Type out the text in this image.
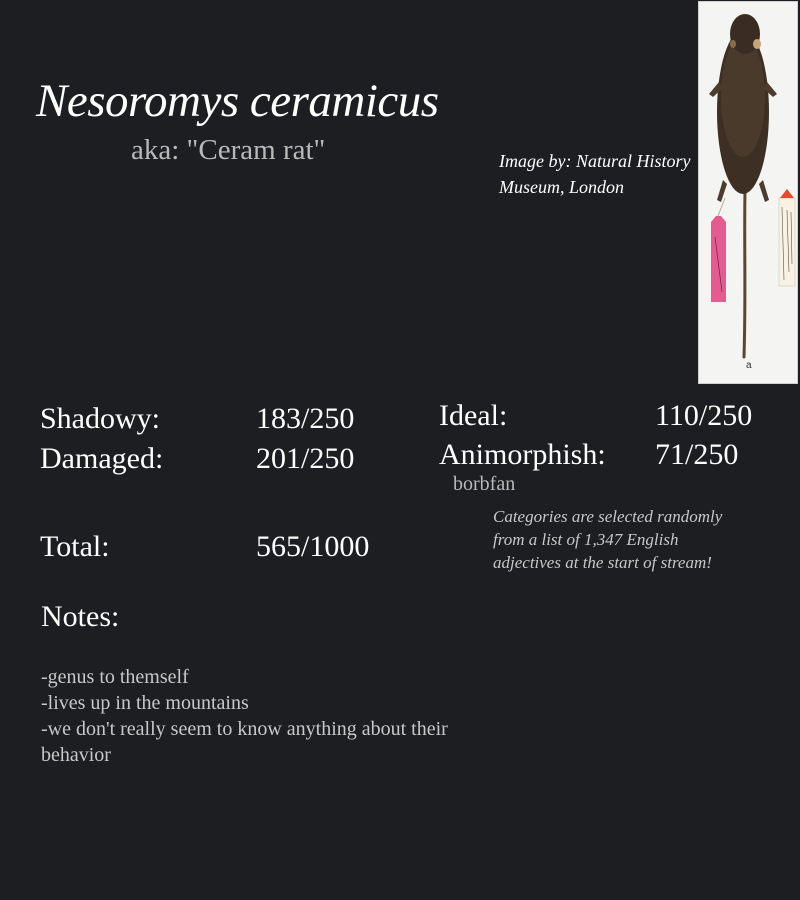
Nesoromys ceramicus
aka: "Ceram rat"	Image by: Natural History Museum, London
a
Shadowy:	183/250
Damaged:	201/250
Ideal:	110/250
Animorphish: 71/250
borbfan
Total:	565/1000
Categories are selected randomly from a list of 1,347 English adjectives at the start of stream!
Notes:
-genus to themself
-lives up in the mountains
-we don't really seem to know anything about their behavior
